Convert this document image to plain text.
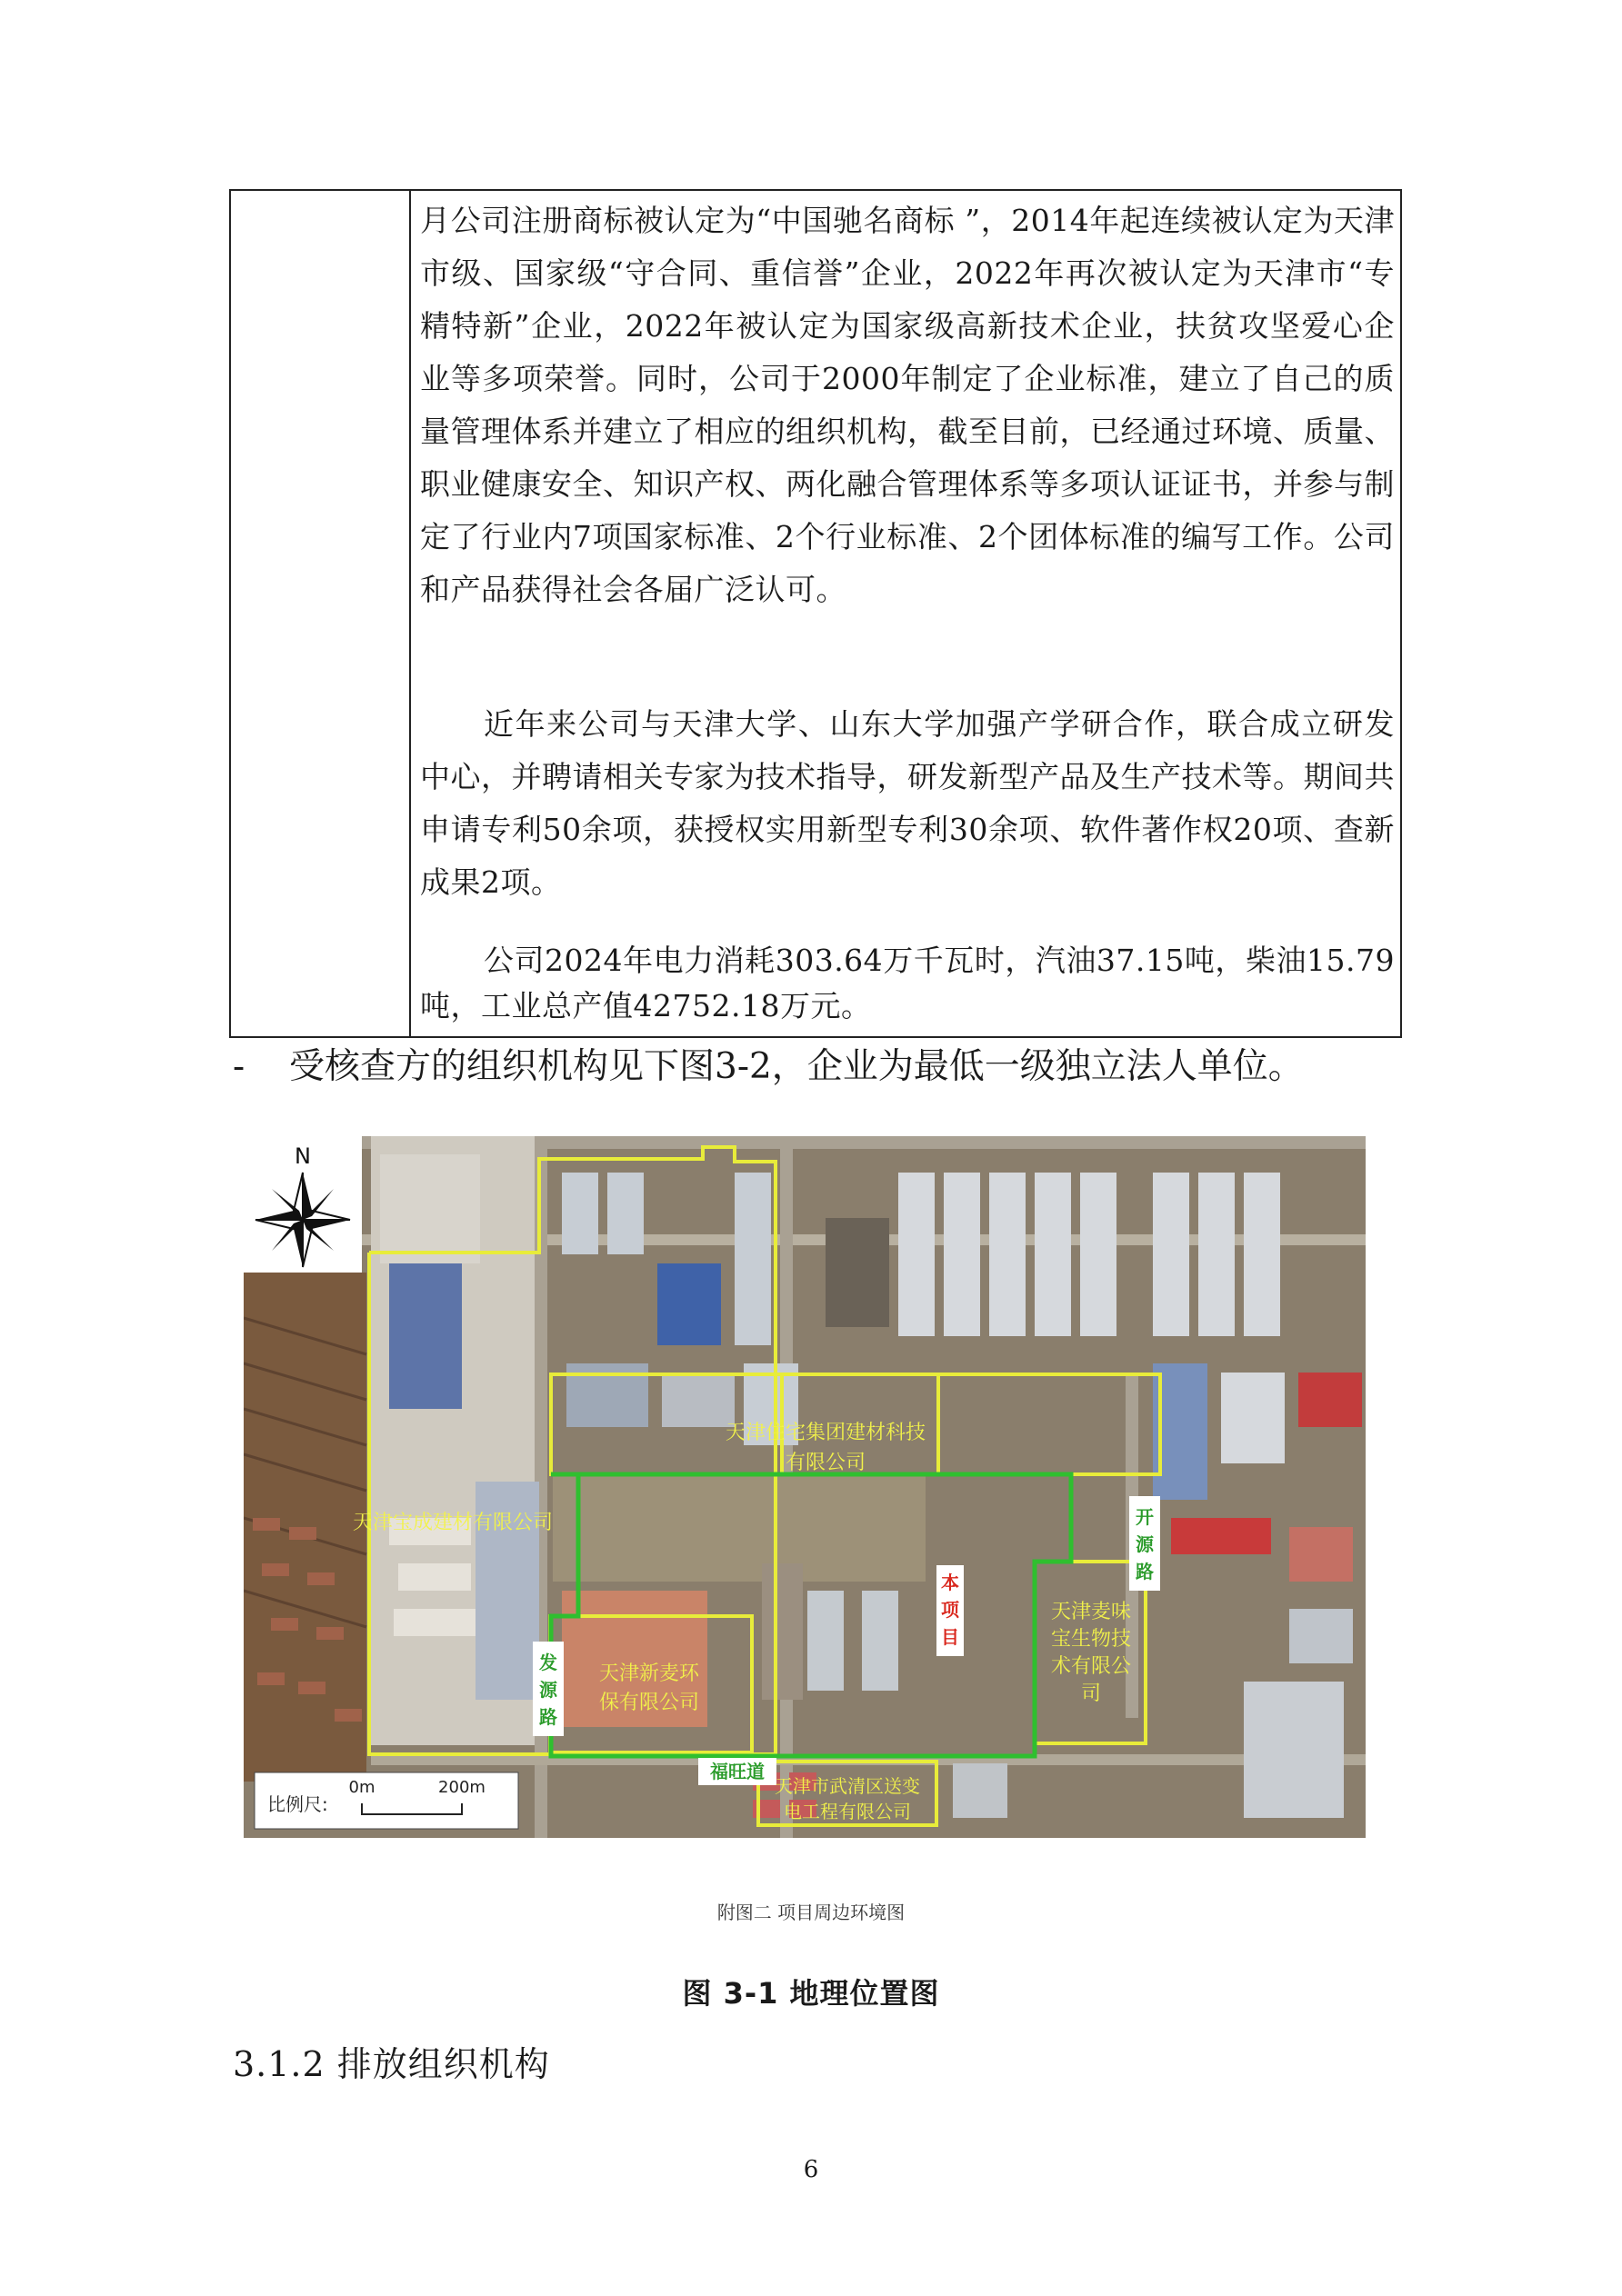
月公司注册商标被认定为“中国驰名商标 ”，2014年起连续被认定为天津市级、国家级“守合同、重信誉”企业，2022年再次被认定为天津市“专精特新”企业，2022年被认定为国家级高新技术企业，扶贫攻坚爱心企业等多项荣誉。同时，公司于2000年制定了企业标准，建立了自己的质量管理体系并建立了相应的组织机构，截至目前，已经通过环境、质量、职业健康安全、知识产权、两化融合管理体系等多项认证证书，并参与制定了行业内7项国家标准、2个行业标准、2个团体标准的编写工作。公司和产品获得社会各届广泛认可。

近年来公司与天津大学、山东大学加强产学研合作，联合成立研发中心，并聘请相关专家为技术指导，研发新型产品及生产技术等。期间共申请专利50余项，获授权实用新型专利30余项、软件著作权20项、查新成果2项。

公司2024年电力消耗303.64万千瓦时，汽油37.15吨，柴油15.79吨，工业总产值42752.18万元。

- 受核查方的组织机构见下图3-2，企业为最低一级独立法人单位。
N
天津宝成建材有限公司
天津住宅集团建材科技
有限公司
本
项
目
开
源
路
发
源
路
福旺道
天津新麦环
保有限公司
天津麦味
宝生物技
术有限公
司
天津市武清区送变
电工程有限公司
比例尺:
0m	200m
附图二 项目周边环境图
图 3-1 地理位置图
3.1.2 排放组织机构
6
